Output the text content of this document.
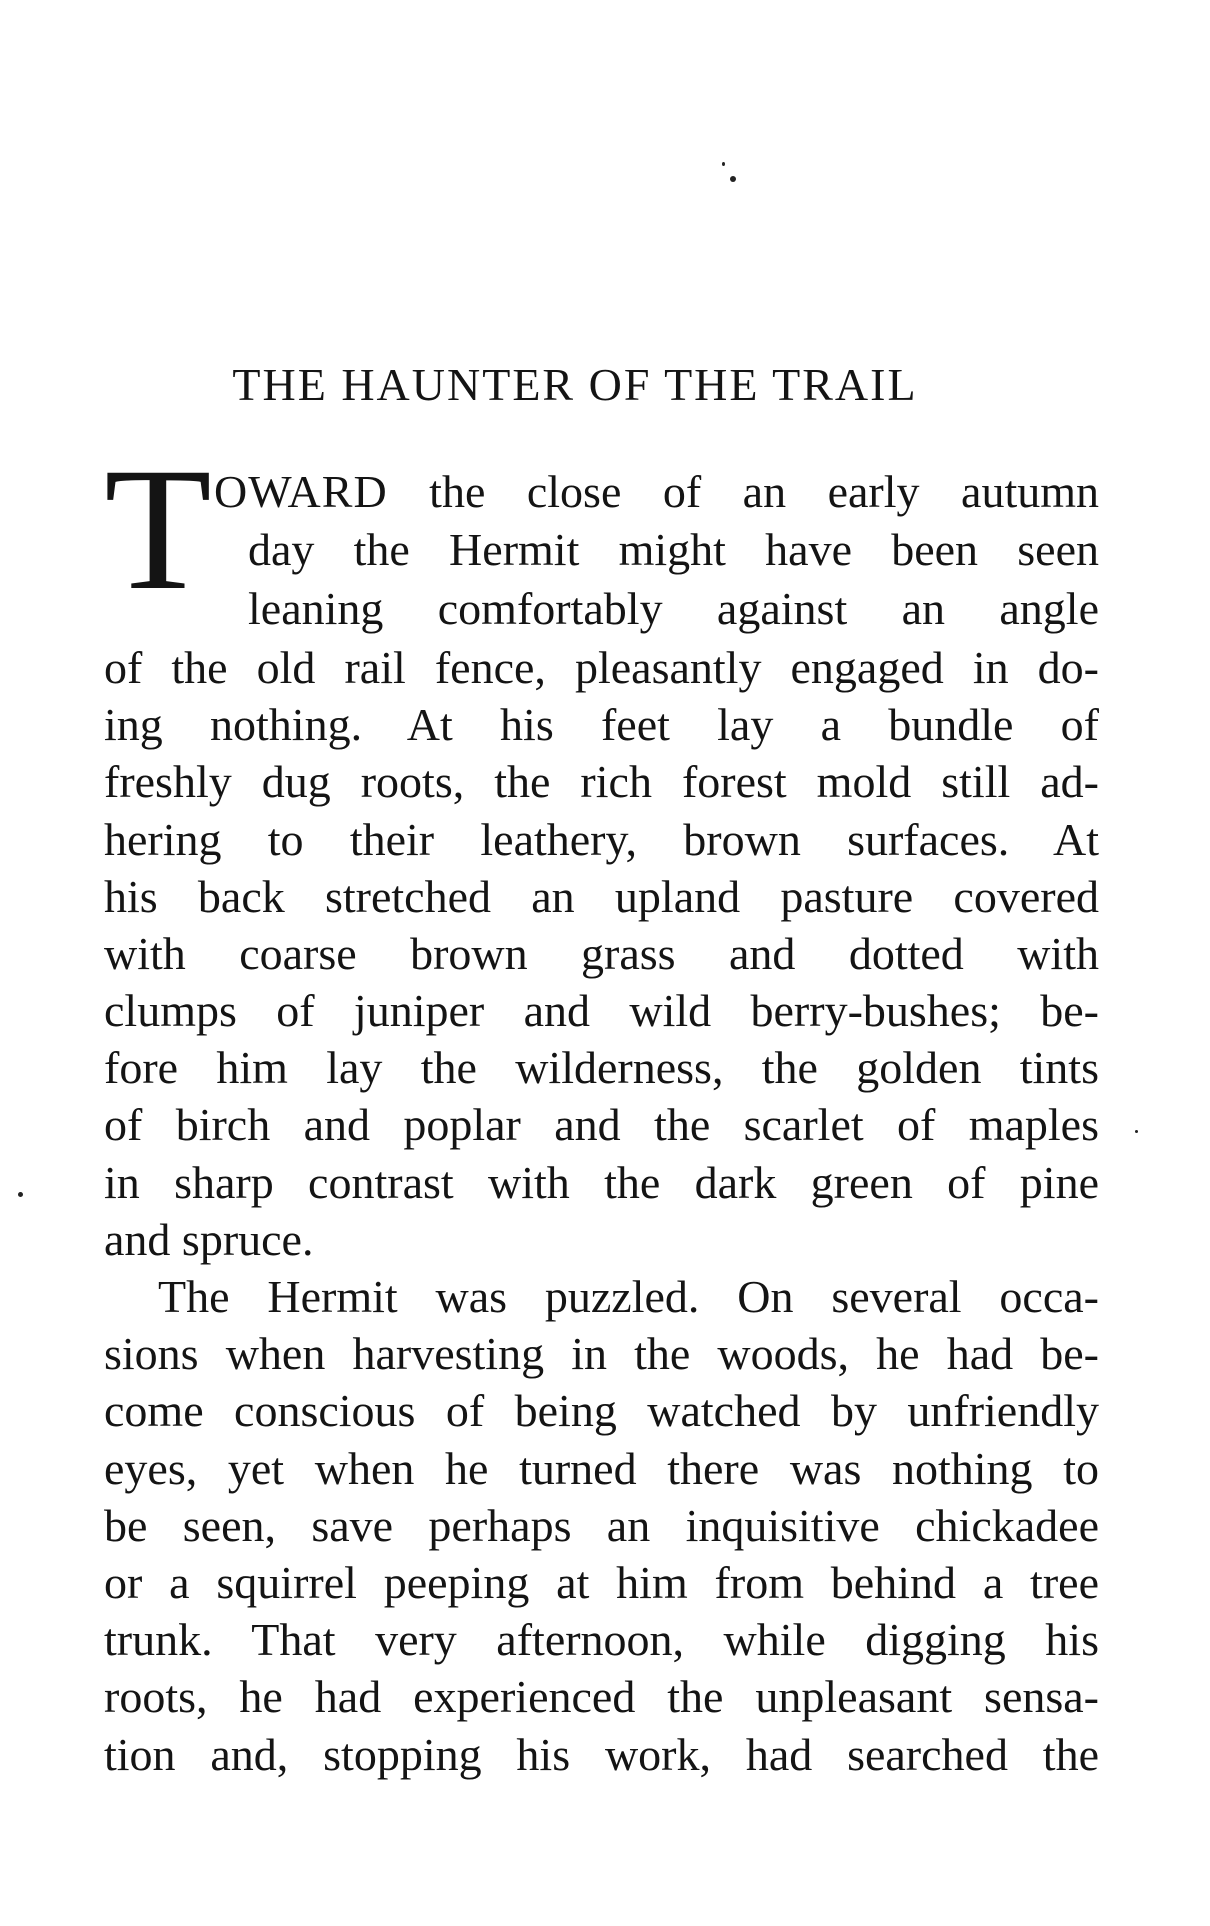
THE HAUNTER OF THE TRAIL
T OWARD the close of an early autumn
day the Hermit might have been seen
leaning comfortably against an angle
of the old rail fence, pleasantly engaged in do-
ing nothing. At his feet lay a bundle of
freshly dug roots, the rich forest mold still ad-
hering to their leathery, brown surfaces. At
his back stretched an upland pasture covered
with coarse brown grass and dotted with
clumps of juniper and wild berry-bushes; be-
fore him lay the wilderness, the golden tints
of birch and poplar and the scarlet of maples
in sharp contrast with the dark green of pine
and spruce.
The Hermit was puzzled. On several occa-
sions when harvesting in the woods, he had be-
come conscious of being watched by unfriendly
eyes, yet when he turned there was nothing to
be seen, save perhaps an inquisitive chickadee
or a squirrel peeping at him from behind a tree
trunk. That very afternoon, while digging his
roots, he had experienced the unpleasant sensa-
tion and, stopping his work, had searched the
